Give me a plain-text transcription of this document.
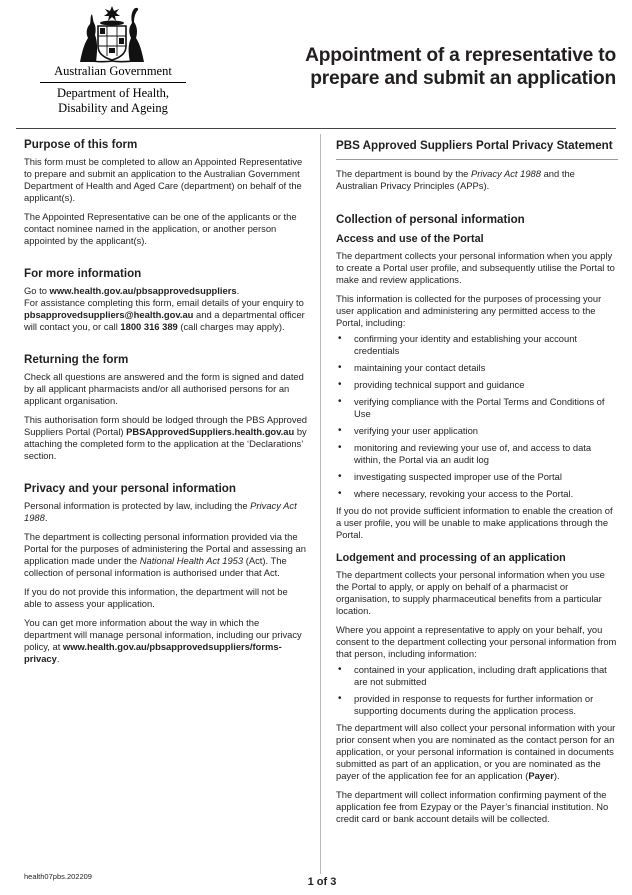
Australian Government
Department of Health,
Disability and Ageing
Appointment of a representative to
prepare and submit an application
Purpose of this form

This form must be completed to allow an Appointed Representative to prepare and submit an application to the Australian Government Department of Health and Aged Care (department) on behalf of the applicant(s).

The Appointed Representative can be one of the applicants or the contact nominee named in the application, or another person appointed by the applicant(s).

For more information

Go to www.health.gov.au/pbsapprovedsuppliers.

For assistance completing this form, email details of your enquiry to pbsapprovedsuppliers@health.gov.au and a departmental officer will contact you, or call 1800 316 389 (call charges may apply).

Returning the form

Check all questions are answered and the form is signed and dated by all applicant pharmacists and/or all authorised persons for an applicant organisation.

This authorisation form should be lodged through the PBS Approved Suppliers Portal (Portal) PBSApprovedSuppliers.health.gov.au by attaching the completed form to the application at the ‘Declarations’ section.

Privacy and your personal information

Personal information is protected by law, including the Privacy Act 1988.

The department is collecting personal information provided via the Portal for the purposes of administering the Portal and assessing an application made under the National Health Act 1953 (Act). The collection of personal information is authorised under that Act.

If you do not provide this information, the department will not be able to assess your application.

You can get more information about the way in which the department will manage personal information, including our privacy policy, at www.health.gov.au/pbsapprovedsuppliers/forms-privacy.

PBS Approved Suppliers Portal Privacy Statement

The department is bound by the Privacy Act 1988 and the Australian Privacy Principles (APPs).

Collection of personal information
Access and use of the Portal

The department collects your personal information when you apply to create a Portal user profile, and subsequently utilise the Portal to make and review applications.

This information is collected for the purposes of processing your user application and administering any permitted access to the Portal, including:

• confirming your identity and establishing your account credentials
• maintaining your contact details
• providing technical support and guidance
• verifying compliance with the Portal Terms and Conditions of Use
• verifying your user application
• monitoring and reviewing your use of, and access to data within, the Portal via an audit log
• investigating suspected improper use of the Portal
• where necessary, revoking your access to the Portal.

If you do not provide sufficient information to enable the creation of a user profile, you will be unable to make applications through the Portal.

Lodgement and processing of an application

The department collects your personal information when you use the Portal to apply, or apply on behalf of a pharmacist or organisation, to supply pharmaceutical benefits from a particular location.

Where you appoint a representative to apply on your behalf, you consent to the department collecting your personal information from that person, including information:

• contained in your application, including draft applications that are not submitted
• provided in response to requests for further information or supporting documents during the application process.

The department will also collect your personal information with your prior consent when you are nominated as the contact person for an application, or your personal information is contained in documents submitted as part of an application, or you are nominated as the payer of the application fee for an application (Payer).

The department will collect information confirming payment of the application fee from Ezypay or the Payer’s financial institution. No credit card or bank account details will be collected.

health07pbs.202209	1 of 3
